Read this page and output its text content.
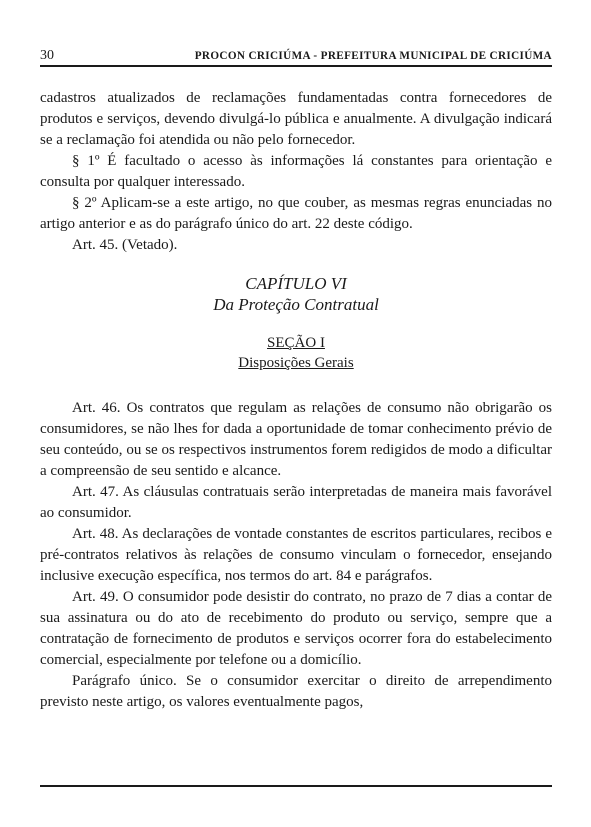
30	PROCON CRICIÚMA - PREFEITURA MUNICIPAL DE CRICIÚMA

cadastros atualizados de reclamações fundamentadas contra fornecedores de produtos e serviços, devendo divulgá-lo pública e anualmente. A divulgação indicará se a reclamação foi atendida ou não pelo fornecedor.

§ 1º É facultado o acesso às informações lá constantes para orientação e consulta por qualquer interessado.

§ 2º Aplicam-se a este artigo, no que couber, as mesmas regras enunciadas no artigo anterior e as do parágrafo único do art. 22 deste código.

Art. 45. (Vetado).

CAPÍTULO VI

Da Proteção Contratual

SEÇÃO I

Disposições Gerais

Art. 46. Os contratos que regulam as relações de consumo não obrigarão os consumidores, se não lhes for dada a oportunidade de tomar conhecimento prévio de seu conteúdo, ou se os respectivos instrumentos forem redigidos de modo a dificultar a compreensão de seu sentido e alcance.

Art. 47. As cláusulas contratuais serão interpretadas de maneira mais favorável ao consumidor.

Art. 48. As declarações de vontade constantes de escritos particulares, recibos e pré-contratos relativos às relações de consumo vinculam o fornecedor, ensejando inclusive execução específica, nos termos do art. 84 e parágrafos.

Art. 49. O consumidor pode desistir do contrato, no prazo de 7 dias a contar de sua assinatura ou do ato de recebimento do produto ou serviço, sempre que a contratação de fornecimento de produtos e serviços ocorrer fora do estabelecimento comercial, especialmente por telefone ou a domicílio.

Parágrafo único. Se o consumidor exercitar o direito de arrependimento previsto neste artigo, os valores eventualmente pagos,
